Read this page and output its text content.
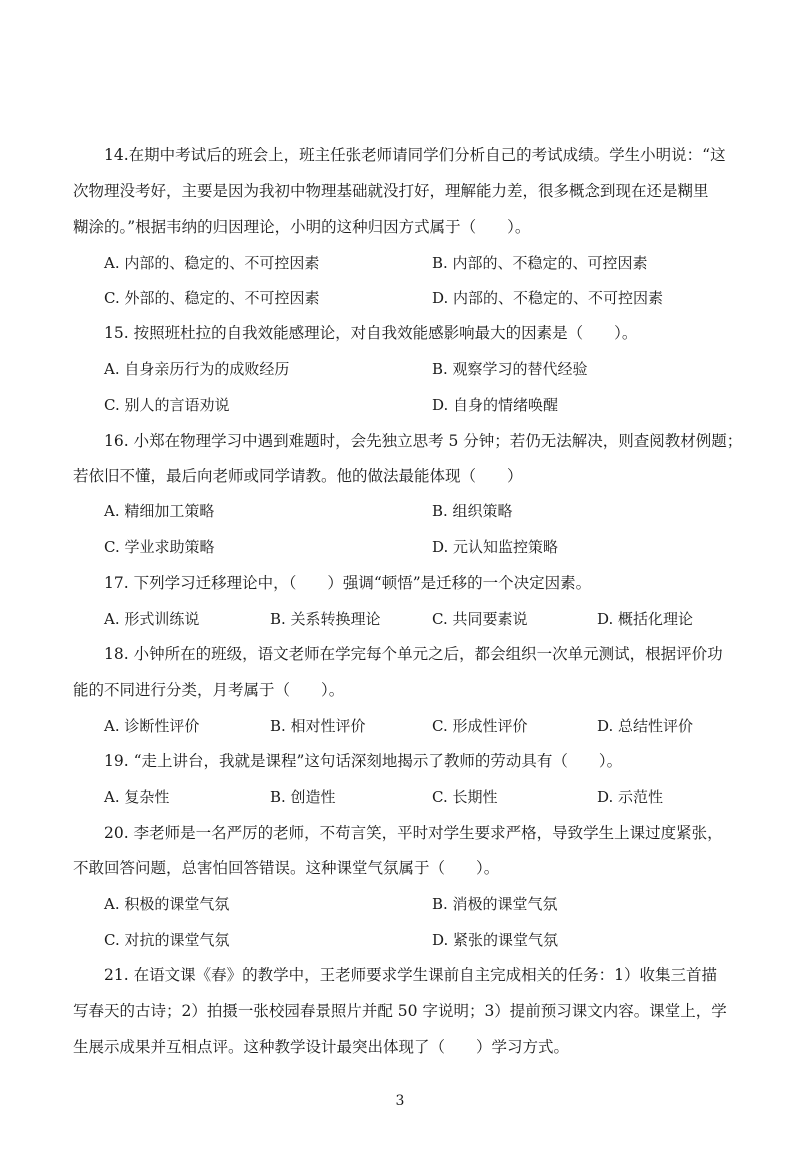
14.在期中考试后的班会上，班主任张老师请同学们分析自己的考试成绩。学生小明说：“这
次物理没考好，主要是因为我初中物理基础就没打好，理解能力差，很多概念到现在还是糊里
糊涂的。”根据韦纳的归因理论，小明的这种归因方式属于（　　）。
A. 内部的、稳定的、不可控因素	B. 内部的、不稳定的、可控因素
C. 外部的、稳定的、不可控因素	D. 内部的、不稳定的、不可控因素
15. 按照班杜拉的自我效能感理论，对自我效能感影响最大的因素是（　　）。
A. 自身亲历行为的成败经历	B. 观察学习的替代经验
C. 别人的言语劝说	D. 自身的情绪唤醒
16. 小郑在物理学习中遇到难题时，会先独立思考 5 分钟；若仍无法解决，则查阅教材例题；
若依旧不懂，最后向老师或同学请教。他的做法最能体现（　　）
A. 精细加工策略	B. 组织策略
C. 学业求助策略	D. 元认知监控策略
17. 下列学习迁移理论中，（　　）强调“顿悟”是迁移的一个决定因素。
A. 形式训练说	B. 关系转换理论	C. 共同要素说	D. 概括化理论
18. 小钟所在的班级，语文老师在学完每个单元之后，都会组织一次单元测试，根据评价功
能的不同进行分类，月考属于（　　）。
A. 诊断性评价	B. 相对性评价	C. 形成性评价	D. 总结性评价
19. “走上讲台，我就是课程”这句话深刻地揭示了教师的劳动具有（　　）。
A. 复杂性	B. 创造性	C. 长期性	D. 示范性
20. 李老师是一名严厉的老师，不苟言笑，平时对学生要求严格，导致学生上课过度紧张，
不敢回答问题，总害怕回答错误。这种课堂气氛属于（　　）。
A. 积极的课堂气氛	B. 消极的课堂气氛
C. 对抗的课堂气氛	D. 紧张的课堂气氛
21. 在语文课《春》的教学中，王老师要求学生课前自主完成相关的任务：1）收集三首描
写春天的古诗；2）拍摄一张校园春景照片并配 50 字说明；3）提前预习课文内容。课堂上，学
生展示成果并互相点评。这种教学设计最突出体现了（　　）学习方式。
3
